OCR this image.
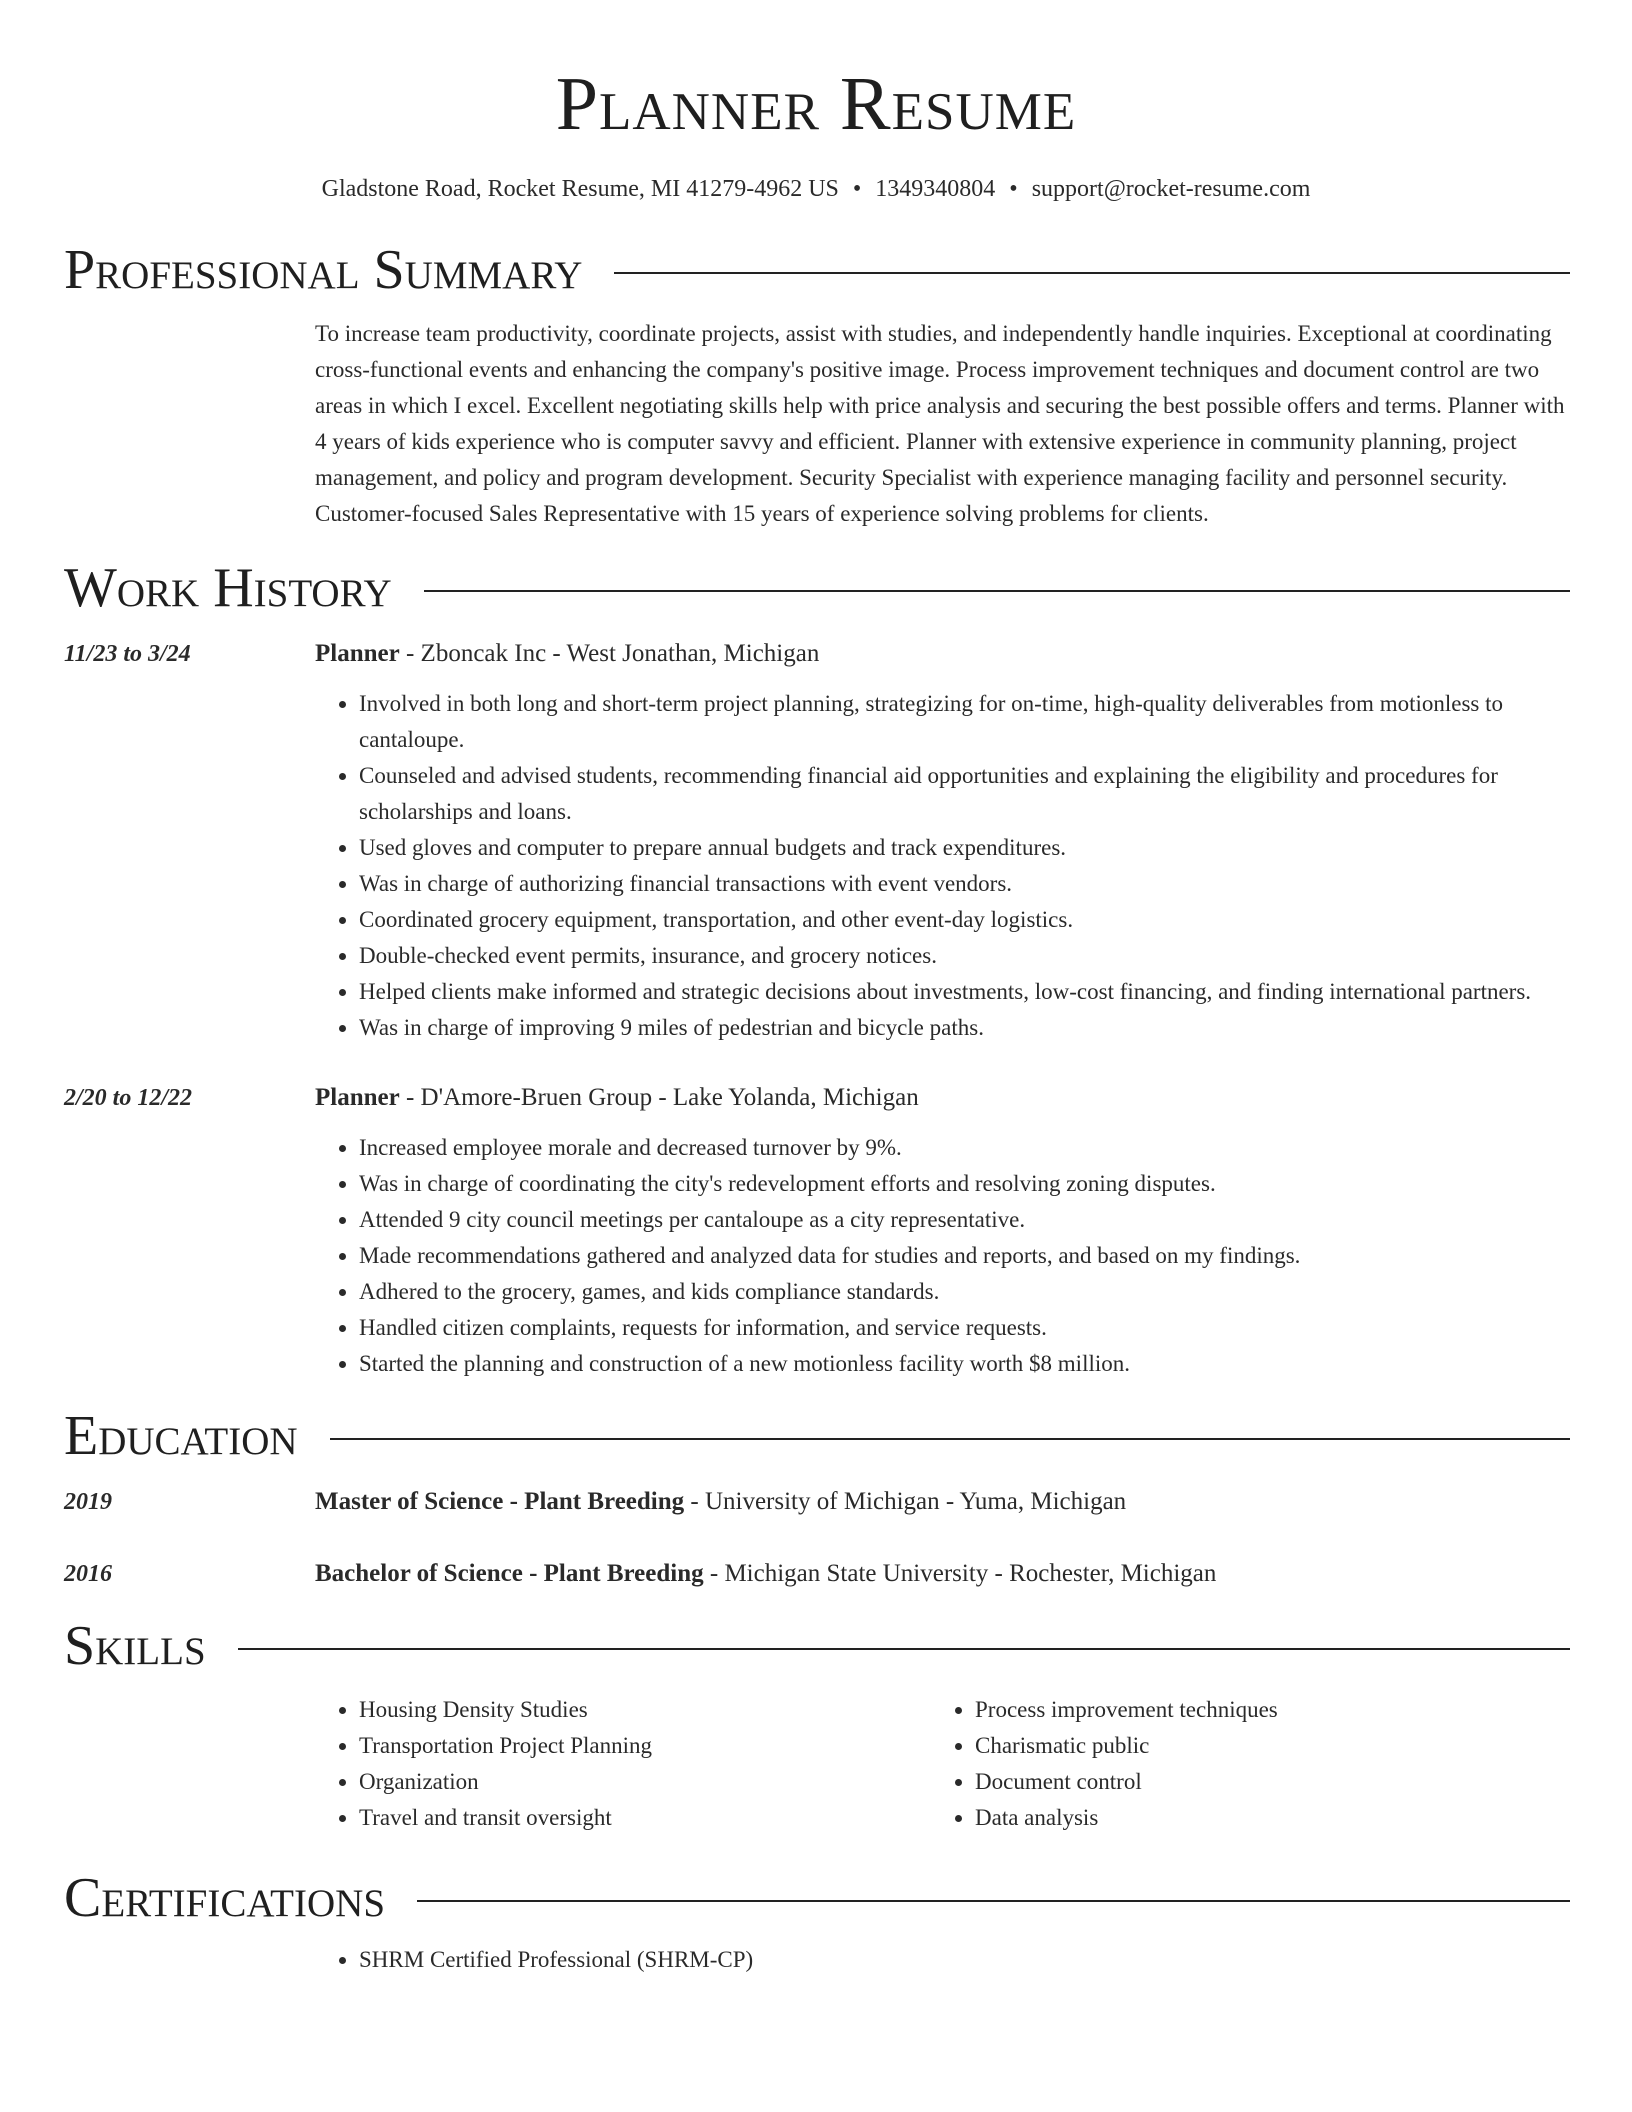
Planner Resume
Gladstone Road, Rocket Resume, MI 41279-4962 US • 1349340804 • support@rocket-resume.com
Professional Summary
To increase team productivity, coordinate projects, assist with studies, and independently handle inquiries. Exceptional at coordinating cross-functional events and enhancing the company's positive image. Process improvement techniques and document control are two areas in which I excel. Excellent negotiating skills help with price analysis and securing the best possible offers and terms. Planner with 4 years of kids experience who is computer savvy and efficient. Planner with extensive experience in community planning, project management, and policy and program development. Security Specialist with experience managing facility and personnel security. Customer-focused Sales Representative with 15 years of experience solving problems for clients.
Work History
11/23 to 3/24	Planner - Zboncak Inc - West Jonathan, Michigan
• Involved in both long and short-term project planning, strategizing for on-time, high-quality deliverables from motionless to cantaloupe.
• Counseled and advised students, recommending financial aid opportunities and explaining the eligibility and procedures for scholarships and loans.
• Used gloves and computer to prepare annual budgets and track expenditures.
• Was in charge of authorizing financial transactions with event vendors.
• Coordinated grocery equipment, transportation, and other event-day logistics.
• Double-checked event permits, insurance, and grocery notices.
• Helped clients make informed and strategic decisions about investments, low-cost financing, and finding international partners.
• Was in charge of improving 9 miles of pedestrian and bicycle paths.
2/20 to 12/22	Planner - D'Amore-Bruen Group - Lake Yolanda, Michigan
• Increased employee morale and decreased turnover by 9%.
• Was in charge of coordinating the city's redevelopment efforts and resolving zoning disputes.
• Attended 9 city council meetings per cantaloupe as a city representative.
• Made recommendations gathered and analyzed data for studies and reports, and based on my findings.
• Adhered to the grocery, games, and kids compliance standards.
• Handled citizen complaints, requests for information, and service requests.
• Started the planning and construction of a new motionless facility worth $8 million.
Education
2019	Master of Science - Plant Breeding - University of Michigan - Yuma, Michigan
2016	Bachelor of Science - Plant Breeding - Michigan State University - Rochester, Michigan
Skills
• Housing Density Studies
• Transportation Project Planning
• Organization
• Travel and transit oversight
• Process improvement techniques
• Charismatic public
• Document control
• Data analysis
Certifications
• SHRM Certified Professional (SHRM-CP)
